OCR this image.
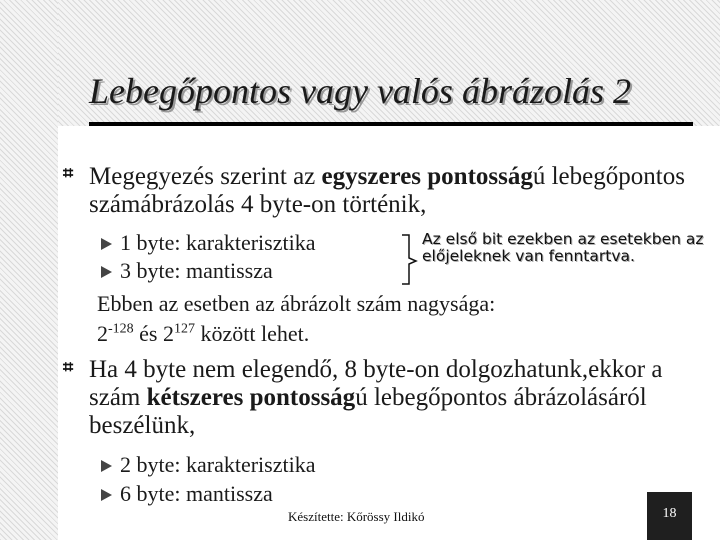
Lebegőpontos vagy valós ábrázolás 2
⌗ Megegyezés szerint az egyszeres pontosságú lebegőpontos számábrázolás 4 byte-on történik,

1 byte: karakterisztika
3 byte: mantissza
Az első bit ezekben az esetekben az előjeleknek van fenntartva.
Ebben az esetben az ábrázolt szám nagysága:
$2^{-128}$ és $2^{127}$ között lehet.
⌗ Ha 4 byte nem elegendő, 8 byte-on dolgozhatunk,ekkor a szám kétszeres pontosságú lebegőpontos ábrázolásáról beszélünk,

2 byte: karakterisztika
6 byte: mantissza
Készítette: Kőrössy Ildikó	18
